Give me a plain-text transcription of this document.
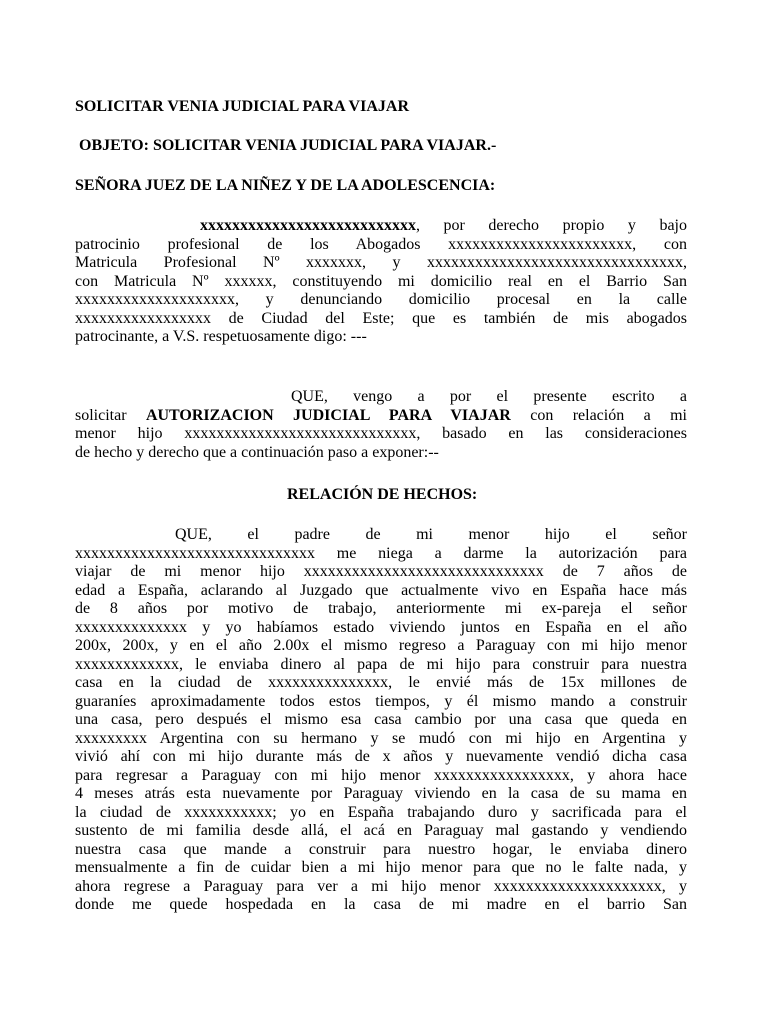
SOLICITAR VENIA JUDICIAL PARA VIAJAR

OBJETO: SOLICITAR VENIA JUDICIAL PARA VIAJAR.-

SEÑORA JUEZ DE LA NIÑEZ Y DE LA ADOLESCENCIA:

xxxxxxxxxxxxxxxxxxxxxxxxxxx, por derecho propio y bajo
patrocinio profesional de los Abogados xxxxxxxxxxxxxxxxxxxxxxx, con
Matricula Profesional Nº xxxxxxx, y xxxxxxxxxxxxxxxxxxxxxxxxxxxxxxxx,
con Matricula Nº xxxxxx, constituyendo mi domicilio real en el Barrio San
xxxxxxxxxxxxxxxxxxxx, y denunciando domicilio procesal en la calle
xxxxxxxxxxxxxxxxx de Ciudad del Este; que es también de mis abogados
patrocinante, a V.S. respetuosamente digo: ---
QUE, vengo a por el presente escrito a
solicitar AUTORIZACION JUDICIAL PARA VIAJAR con relación a mi
menor hijo xxxxxxxxxxxxxxxxxxxxxxxxxxxxx, basado en las consideraciones
de hecho y derecho que a continuación paso a exponer:--

RELACIÓN DE HECHOS:

QUE, el padre de mi menor hijo el señor
xxxxxxxxxxxxxxxxxxxxxxxxxxxxxx me niega a darme la autorización para
viajar de mi menor hijo xxxxxxxxxxxxxxxxxxxxxxxxxxxxxx de 7 años de
edad a España, aclarando al Juzgado que actualmente vivo en España hace más
de 8 años por motivo de trabajo, anteriormente mi ex-pareja el señor
xxxxxxxxxxxxxx y yo habíamos estado viviendo juntos en España en el año
200x, 200x, y en el año 2.00x el mismo regreso a Paraguay con mi hijo menor
xxxxxxxxxxxxx, le enviaba dinero al papa de mi hijo para construir para nuestra
casa en la ciudad de xxxxxxxxxxxxxxx, le envié más de 15x millones de
guaraníes aproximadamente todos estos tiempos, y él mismo mando a construir
una casa, pero después el mismo esa casa cambio por una casa que queda en
xxxxxxxxx Argentina con su hermano y se mudó con mi hijo en Argentina y
vivió ahí con mi hijo durante más de x años y nuevamente vendió dicha casa
para regresar a Paraguay con mi hijo menor xxxxxxxxxxxxxxxxx, y ahora hace
4 meses atrás esta nuevamente por Paraguay viviendo en la casa de su mama en
la ciudad de xxxxxxxxxxx; yo en España trabajando duro y sacrificada para el
sustento de mi familia desde allá, el acá en Paraguay mal gastando y vendiendo
nuestra casa que mande a construir para nuestro hogar, le enviaba dinero
mensualmente a fin de cuidar bien a mi hijo menor para que no le falte nada, y
ahora regrese a Paraguay para ver a mi hijo menor xxxxxxxxxxxxxxxxxxxxx, y
donde me quede hospedada en la casa de mi madre en el barrio San
